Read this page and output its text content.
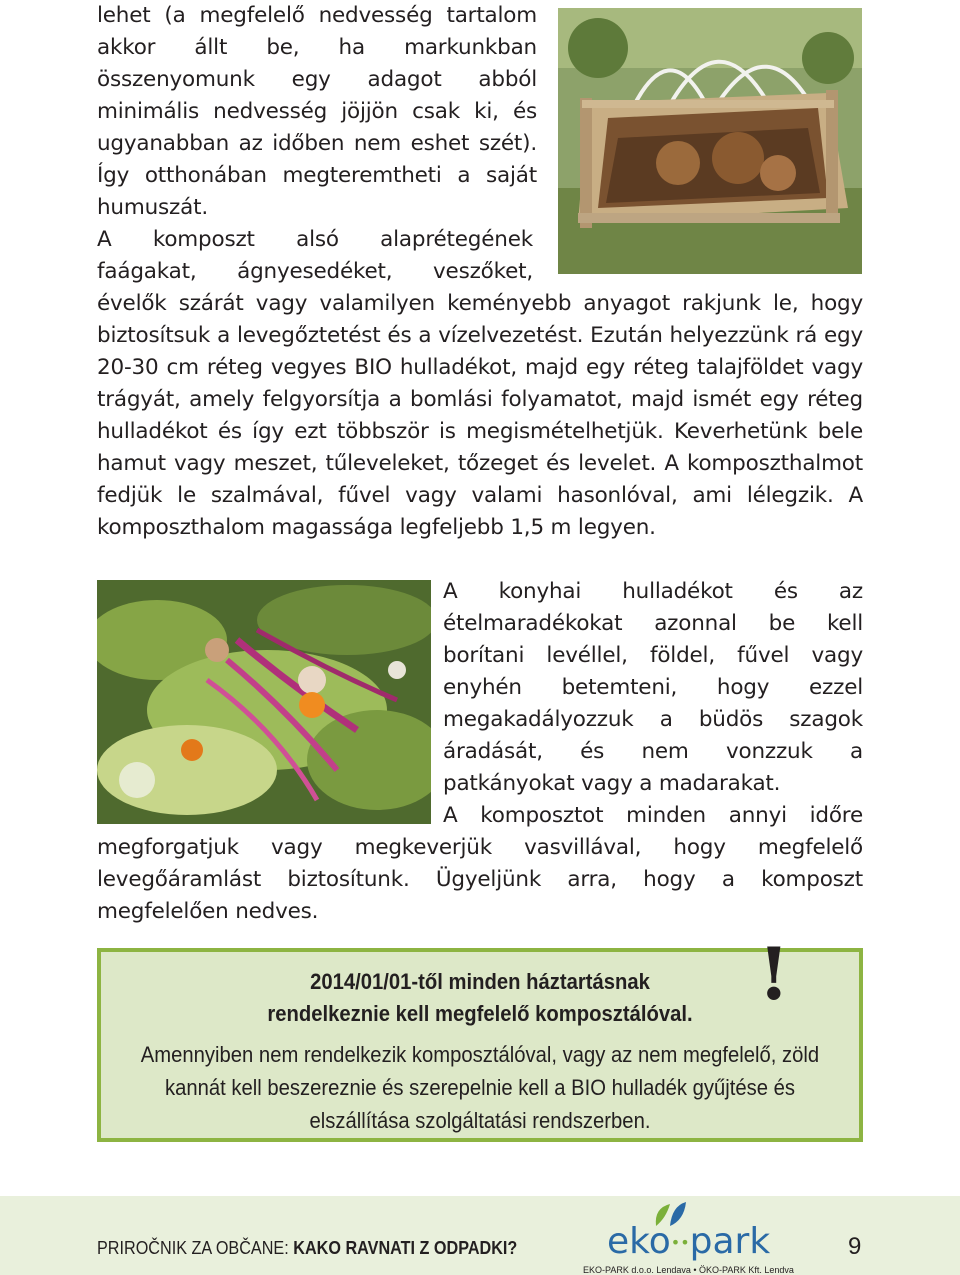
lehet (a megfelelő nedvesség tartalom akkor állt be, ha markunkban összenyomunk egy adagot abból minimális nedvesség jöjjön csak ki, és ugyanabban az időben nem eshet szét). Így otthonában megteremtheti a saját humuszát.

A komposzt alsó alaprétegének faágakat, ágnyesedéket, veszőket, évelők szárát vagy valamilyen keményebb anyagot rakjunk le, hogy biztosítsuk a levegőztetést és a vízelvezetést. Ezután helyezzünk rá egy 20-30 cm réteg vegyes BIO hulladékot, majd egy réteg talajföldet vagy trágyát, amely felgyorsítja a bomlási folyamatot, majd ismét egy réteg hulladékot és így ezt többször is megismételhetjük. Keverhetünk bele hamut vagy meszet, tűleveleket, tőzeget és levelet. A komposzthalmot fedjük le szalmával, fűvel vagy valami hasonlóval, ami lélegzik. A komposzthalom magassága legfeljebb 1,5 m legyen.

A konyhai hulladékot és az ételmaradékokat azonnal be kell borítani levéllel, földel, fűvel vagy enyhén betemteni, hogy ezzel megakadályozzuk a büdös szagok áradását, és nem vonzzuk a patkányokat vagy a madarakat.

A komposztot minden annyi időre megforgatjuk vagy megkeverjük vasvillával, hogy megfelelő levegőáramlást biztosítunk. Ügyeljünk arra, hogy a komposzt megfelelően nedves.

2014/01/01-től minden háztartásnak
rendelkeznie kell megfelelő komposztálóval.
Amennyiben nem rendelkezik komposztálóval, vagy az nem megfelelő, zöld kannát kell beszereznie és szerepelnie kell a BIO hulladék gyűjtése és elszállítása szolgáltatási rendszerben.
!
PRIROČNIK ZA OBČANE: KAKO RAVNATI Z ODPADKI? eko••park
EKO-PARK d.o.o. Lendava • ÖKO-PARK Kft. Lendva
9
